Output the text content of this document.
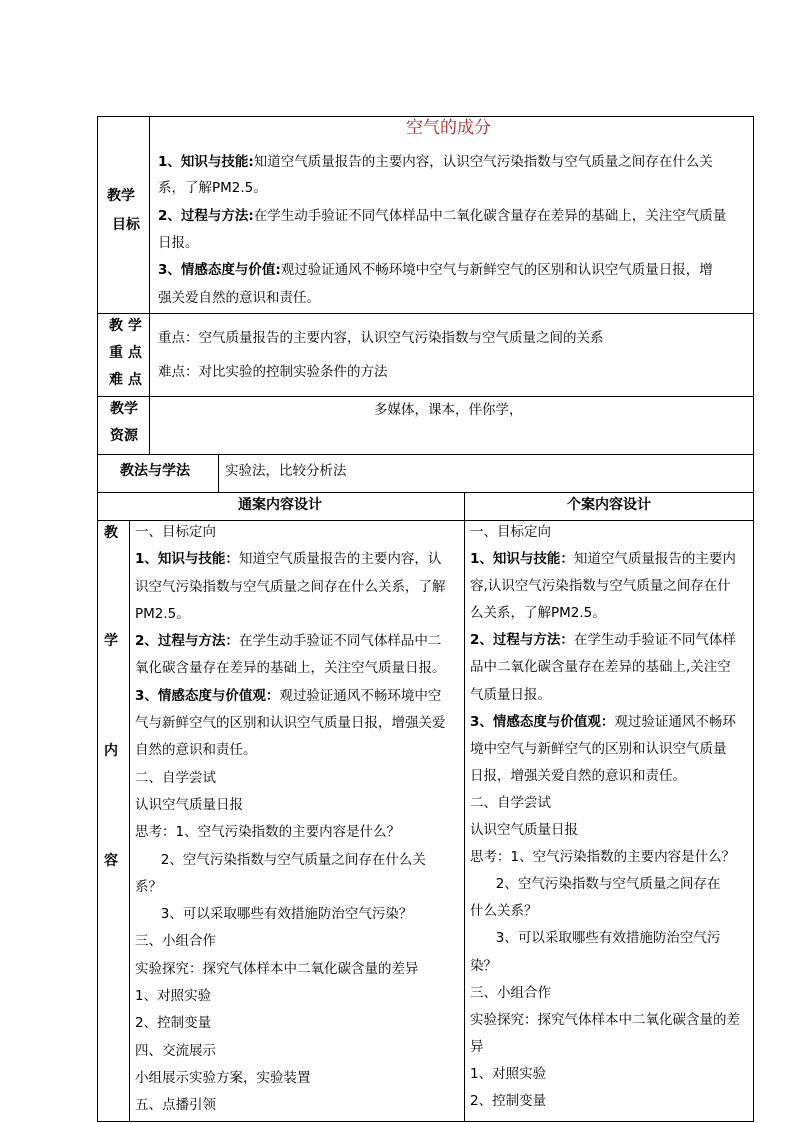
教学
目标
空气的成分
1、知识与技能:知道空气质量报告的主要内容，认识空气污染指数与空气质量之间存在什么关
系，了解PM2.5。
2、过程与方法:在学生动手验证不同气体样品中二氧化碳含量存在差异的基础上，关注空气质量
日报。
3、情感态度与价值:观过验证通风不畅环境中空气与新鲜空气的区别和认识空气质量日报，增
强关爱自然的意识和责任。
教 学
重 点
难 点
重点：空气质量报告的主要内容，认识空气污染指数与空气质量之间的关系
难点：对比实验的控制实验条件的方法
教学
资源
多媒体，课本，伴你学，
教法与学法	实验法，比较分析法
通案内容设计	个案内容设计
教
学
内
容
一、目标定向
1、知识与技能：知道空气质量报告的主要内容，认
识空气污染指数与空气质量之间存在什么关系，了解
PM2.5。
2、过程与方法：在学生动手验证不同气体样品中二
氧化碳含量存在差异的基础上，关注空气质量日报。
3、情感态度与价值观：观过验证通风不畅环境中空
气与新鲜空气的区别和认识空气质量日报，增强关爱
自然的意识和责任。
二、自学尝试
认识空气质量日报
思考：1、空气污染指数的主要内容是什么？
2、空气污染指数与空气质量之间存在什么关
系？
3、可以采取哪些有效措施防治空气污染？
三、小组合作
实验探究：探究气体样本中二氧化碳含量的差异
1、对照实验
2、控制变量
四、交流展示
小组展示实验方案，实验装置
五、点播引领
一、目标定向
1、知识与技能：知道空气质量报告的主要内
容,认识空气污染指数与空气质量之间存在什
么关系，了解PM2.5。
2、过程与方法：在学生动手验证不同气体样
品中二氧化碳含量存在差异的基础上,关注空
气质量日报。
3、情感态度与价值观：观过验证通风不畅环
境中空气与新鲜空气的区别和认识空气质量
日报，增强关爱自然的意识和责任。
二、自学尝试
认识空气质量日报
思考：1、空气污染指数的主要内容是什么？
2、空气污染指数与空气质量之间存在
什么关系？
3、可以采取哪些有效措施防治空气污
染？
三、小组合作
实验探究：探究气体样本中二氧化碳含量的差
异
1、对照实验
2、控制变量
